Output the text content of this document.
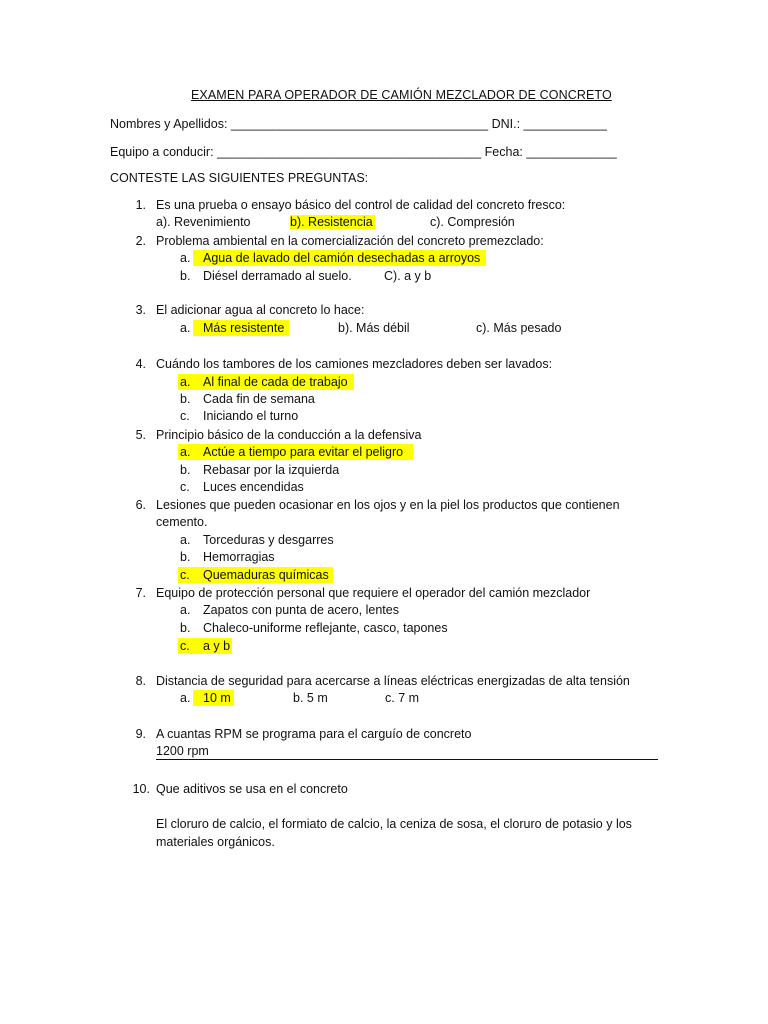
EXAMEN PARA OPERADOR DE CAMIÓN MEZCLADOR DE CONCRETO
Nombres y Apellidos: _____________________________________ DNI.: ____________
Equipo a conducir: ______________________________________ Fecha: _____________
CONTESTE LAS SIGUIENTES PREGUNTAS:
1. Es una prueba o ensayo básico del control de calidad del concreto fresco:
a). Revenimiento	b). Resistencia	c). Compresión
2. Problema ambiental en la comercialización del concreto premezclado:
a. Agua de lavado del camión desechadas a arroyos
b. Diésel derramado al suelo.	C). a y b
3. El adicionar agua al concreto lo hace:
a. Más resistente	b). Más débil	c). Más pesado
4. Cuándo los tambores de los camiones mezcladores deben ser lavados:
a. Al final de cada de trabajo
b. Cada fin de semana
c. Iniciando el turno
5. Principio básico de la conducción a la defensiva
a. Actúe a tiempo para evitar el peligro
b. Rebasar por la izquierda
c. Luces encendidas
6. Lesiones que pueden ocasionar en los ojos y en la piel los productos que contienen
cemento.
a. Torceduras y desgarres
b. Hemorragias
c. Quemaduras químicas
7. Equipo de protección personal que requiere el operador del camión mezclador
a. Zapatos con punta de acero, lentes
b. Chaleco-uniforme reflejante, casco, tapones
c. a y b
8. Distancia de seguridad para acercarse a líneas eléctricas energizadas de alta tensión
a. 10 m	b. 5 m	c. 7 m
9. A cuantas RPM se programa para el carguío de concreto
1200 rpm
10. Que aditivos se usa en el concreto
El cloruro de calcio, el formiato de calcio, la ceniza de sosa, el cloruro de potasio y los materiales orgánicos.
